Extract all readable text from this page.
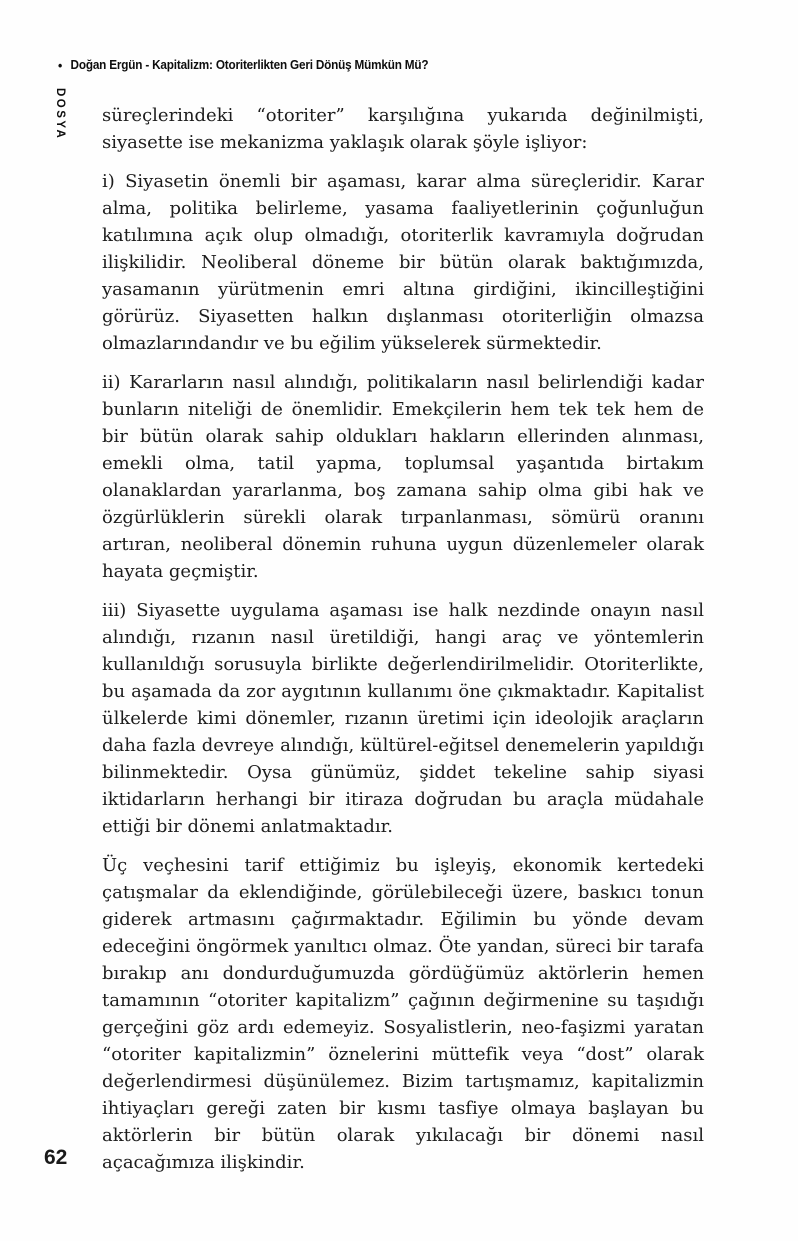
• Doğan Ergün - Kapitalizm: Otoriterlikten Geri Dönüş Mümkün Mü?
DOSYA süreçlerindeki “otoriter” karşılığına yukarıda değinilmişti, siyasette ise mekanizma yaklaşık olarak şöyle işliyor:

i) Siyasetin önemli bir aşaması, karar alma süreçleridir. Karar alma, politika belirleme, yasama faaliyetlerinin çoğunluğun katılımına açık olup olmadığı, otoriterlik kavramıyla doğrudan ilişkilidir. Neoliberal döneme bir bütün olarak baktığımızda, yasamanın yürütmenin emri altına girdiğini, ikincilleştiğini görürüz. Siyasetten halkın dışlanması otoriterliğin olmazsa olmazlarındandır ve bu eğilim yükselerek sürmektedir.

ii) Kararların nasıl alındığı, politikaların nasıl belirlendiği kadar bunların niteliği de önemlidir. Emekçilerin hem tek tek hem de bir bütün olarak sahip oldukları hakların ellerinden alınması, emekli olma, tatil yapma, toplumsal yaşantıda birtakım olanaklardan yararlanma, boş zamana sahip olma gibi hak ve özgürlüklerin sürekli olarak tırpanlanması, sömürü oranını artıran, neoliberal dönemin ruhuna uygun düzenlemeler olarak hayata geçmiştir.

iii) Siyasette uygulama aşaması ise halk nezdinde onayın nasıl alındığı, rızanın nasıl üretildiği, hangi araç ve yöntemlerin kullanıldığı sorusuyla birlikte değerlendirilmelidir. Otoriterlikte, bu aşamada da zor aygıtının kullanımı öne çıkmaktadır. Kapitalist ülkelerde kimi dönemler, rızanın üretimi için ideolojik araçların daha fazla devreye alındığı, kültürel-eğitsel denemelerin yapıldığı bilinmektedir. Oysa günümüz, şiddet tekeline sahip siyasi iktidarların herhangi bir itiraza doğrudan bu araçla müdahale ettiği bir dönemi anlatmaktadır.

Üç veçhesini tarif ettiğimiz bu işleyiş, ekonomik kertedeki çatışmalar da eklendiğinde, görülebileceği üzere, baskıcı tonun giderek artmasını çağırmaktadır. Eğilimin bu yönde devam edeceğini öngörmek yanıltıcı olmaz. Öte yandan, süreci bir tarafa bırakıp anı dondurduğumuzda gördüğümüz aktörlerin hemen tamamının “otoriter kapitalizm” çağının değirmenine su taşıdığı gerçeğini göz ardı edemeyiz. Sosyalistlerin, neo-faşizmi yaratan “otoriter kapitalizmin” öznelerini müttefik veya “dost” olarak değerlendirmesi düşünülemez. Bizim tartışmamız, kapitalizmin ihtiyaçları gereği zaten bir kısmı tasfiye olmaya başlayan bu aktörlerin bir bütün olarak yıkılacağı bir dönemi nasıl açacağımıza ilişkindir.

62
